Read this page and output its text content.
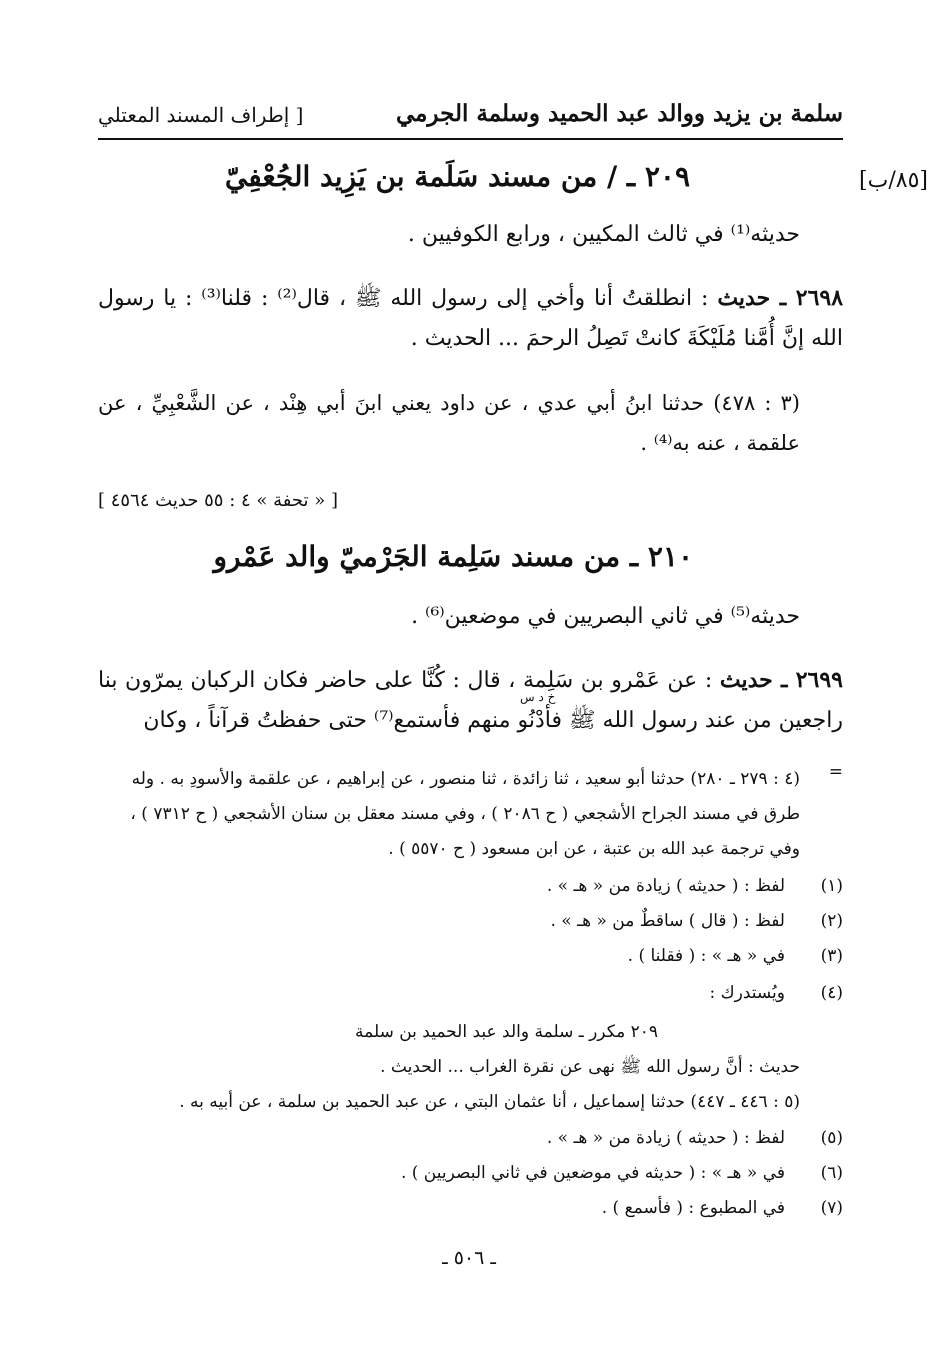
سلمة بن يزيد ووالد عبد الحميد وسلمة الجرمي
[ إطراف المسند المعتلي
[٨٥/ب]
٢٠٩ ـ / من مسند سَلَمة بن يَزِيد الجُعْفِيّ
حديثه⁽¹⁾ في ثالث المكيين ، ورابع الكوفيين .
٢٦٩٨ ـ حديث : انطلقتُ أنا وأخي إلى رسول الله ﷺ ، قال⁽²⁾ : قلنا⁽³⁾ : يا رسول الله إنَّ أُمَّنا مُلَيْكَةَ كانتْ تَصِلُ الرحمَ ... الحديث .
(٣ : ٤٧٨) حدثنا ابنُ أبي عدي ، عن داود يعني ابنَ أبي هِنْد ، عن الشَّعْبِيِّ ، عن علقمة ، عنه به⁽⁴⁾ .
[ « تحفة » ٤ : ٥٥ حديث ٤٥٦٤ ]
٢١٠ ـ من مسند سَلِمة الجَرْميّ والد عَمْرو
حديثه⁽⁵⁾ في ثاني البصريين في موضعين⁽⁶⁾ .
خ د س
٢٦٩٩ ـ حديث : عن عَمْرو بن سَلِمة ، قال : كُنَّا على حاضر فكان الركبان يمرّون بنا راجعين من عند رسول الله ﷺ فأدْنُو منهم فأستمع⁽⁷⁾ حتى حفظتُ قرآناً ، وكان
=
(٤ : ٢٧٩ ـ ٢٨٠) حدثنا أبو سعيد ، ثنا زائدة ، ثنا منصور ، عن إبراهيم ، عن علقمة والأسودِ به . وله طرق في مسند الجراح الأشجعي ( ح ٢٠٨٦ ) ، وفي مسند معقل بن سنان الأشجعي ( ح ٧٣١٢ ) ، وفي ترجمة عبد الله بن عتبة ، عن ابن مسعود ( ح ٥٥٧٠ ) .
(١)لفظ : ( حديثه ) زيادة من « هـ » .
(٢)لفظ : ( قال ) ساقطٌ من « هـ » .
(٣)في « هـ » : ( فقلنا ) .
(٤)ويُستدرك :
٢٠٩ مكرر ـ سلمة والد عبد الحميد بن سلمة
حديث : أنَّ رسول الله ﷺ نهى عن نقرة الغراب ... الحديث .
(٥ : ٤٤٦ ـ ٤٤٧) حدثنا إسماعيل ، أنا عثمان البتي ، عن عبد الحميد بن سلمة ، عن أبيه به .
(٥)لفظ : ( حديثه ) زيادة من « هـ » .
(٦)في « هـ » : ( حديثه في موضعين في ثاني البصريين ) .
(٧)في المطبوع : ( فأسمع ) .
ـ ٥٠٦ ـ
